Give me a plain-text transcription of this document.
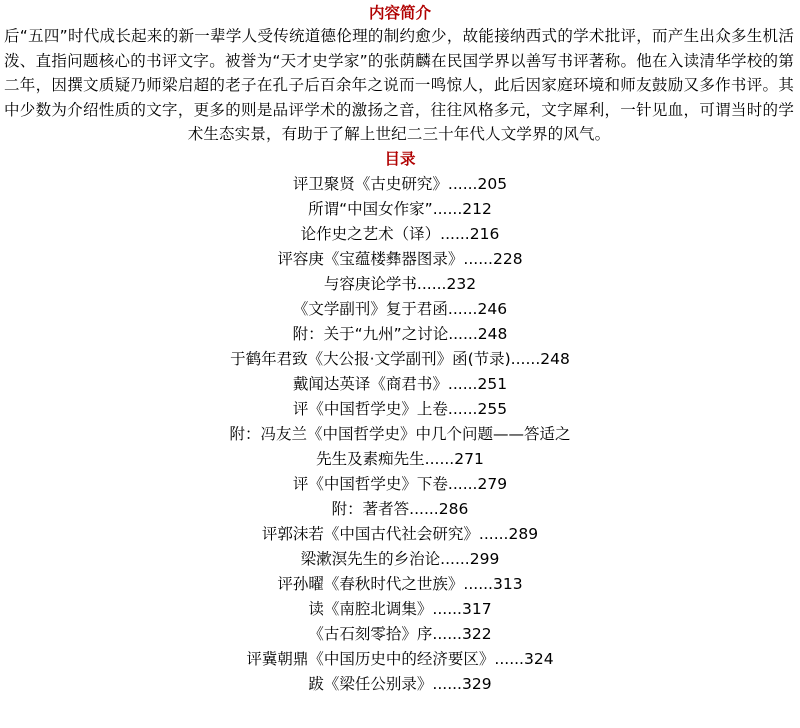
内容简介

后“五四”时代成长起来的新一辈学人受传统道德伦理的制约愈少，故能接纳西式的学术批评，而产生出众多生机活泼、直指问题核心的书评文字。被誉为“天才史学家”的张荫麟在民国学界以善写书评著称。他在入读清华学校的第二年，因撰文质疑乃师梁启超的老子在孔子后百余年之说而一鸣惊人，此后因家庭环境和师友鼓励又多作书评。其中少数为介绍性质的文字，更多的则是品评学术的激扬之音，往往风格多元，文字犀利，一针见血，可谓当时的学术生态实景，有助于了解上世纪二三十年代人文学界的风气。

目录
评卫聚贤《古史研究》......205
所谓“中国女作家”......212
论作史之艺术（译）......216
评容庚《宝蕴楼彝器图录》......228
与容庚论学书......232
《文学副刊》复于君函......246
附：关于“九州”之讨论......248
于鹤年君致《大公报·文学副刊》函(节录)......248
戴闻达英译《商君书》......251
评《中国哲学史》上卷......255
附：冯友兰《中国哲学史》中几个问题——答适之
先生及素痴先生......271
评《中国哲学史》下卷......279
附：著者答......286
评郭沫若《中国古代社会研究》......289
梁漱溟先生的乡治论......299
评孙曜《春秋时代之世族》......313
读《南腔北调集》......317
《古石刻零拾》序......322
评冀朝鼎《中国历史中的经济要区》......324
跋《梁任公别录》......329
